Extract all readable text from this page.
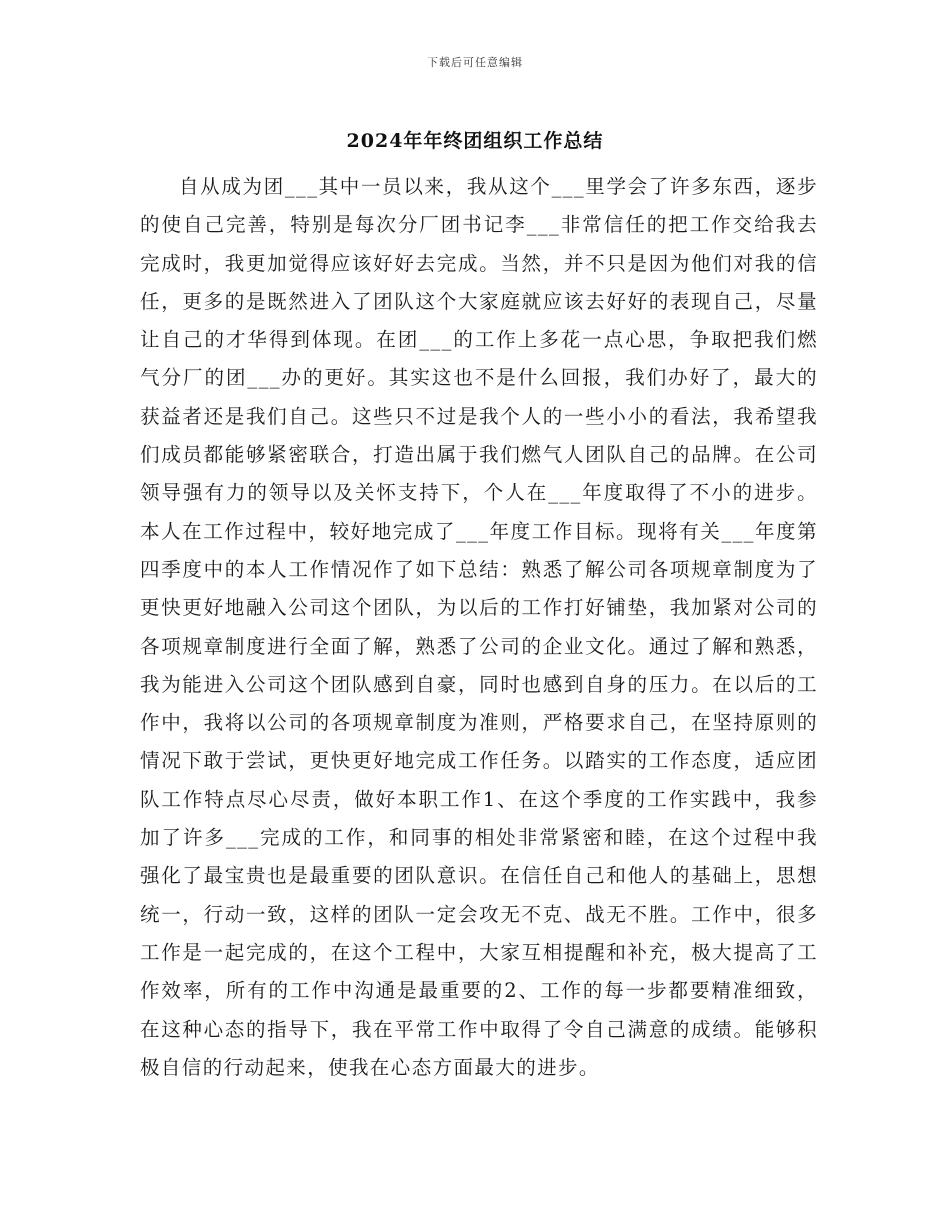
下载后可任意编辑
2024年年终团组织工作总结

自从成为团___其中一员以来，我从这个___里学会了许多东西，逐步的使自己完善，特别是每次分厂团书记李___非常信任的把工作交给我去完成时，我更加觉得应该好好去完成。当然，并不只是因为他们对我的信任，更多的是既然进入了团队这个大家庭就应该去好好的表现自己，尽量让自己的才华得到体现。在团___的工作上多花一点心思，争取把我们燃气分厂的团___办的更好。其实这也不是什么回报，我们办好了，最大的获益者还是我们自己。这些只不过是我个人的一些小小的看法，我希望我们成员都能够紧密联合，打造出属于我们燃气人团队自己的品牌。在公司领导强有力的领导以及关怀支持下，个人在___年度取得了不小的进步。本人在工作过程中，较好地完成了___年度工作目标。现将有关___年度第四季度中的本人工作情况作了如下总结：熟悉了解公司各项规章制度为了更快更好地融入公司这个团队，为以后的工作打好铺垫，我加紧对公司的各项规章制度进行全面了解，熟悉了公司的企业文化。通过了解和熟悉，我为能进入公司这个团队感到自豪，同时也感到自身的压力。在以后的工作中，我将以公司的各项规章制度为准则，严格要求自己，在坚持原则的情况下敢于尝试，更快更好地完成工作任务。以踏实的工作态度，适应团队工作特点尽心尽责，做好本职工作1、在这个季度的工作实践中，我参加了许多___完成的工作，和同事的相处非常紧密和睦，在这个过程中我强化了最宝贵也是最重要的团队意识。在信任自己和他人的基础上，思想统一，行动一致，这样的团队一定会攻无不克、战无不胜。工作中，很多工作是一起完成的，在这个工程中，大家互相提醒和补充，极大提高了工作效率，所有的工作中沟通是最重要的2、工作的每一步都要精准细致，在这种心态的指导下，我在平常工作中取得了令自己满意的成绩。能够积极自信的行动起来，使我在心态方面最大的进步。
